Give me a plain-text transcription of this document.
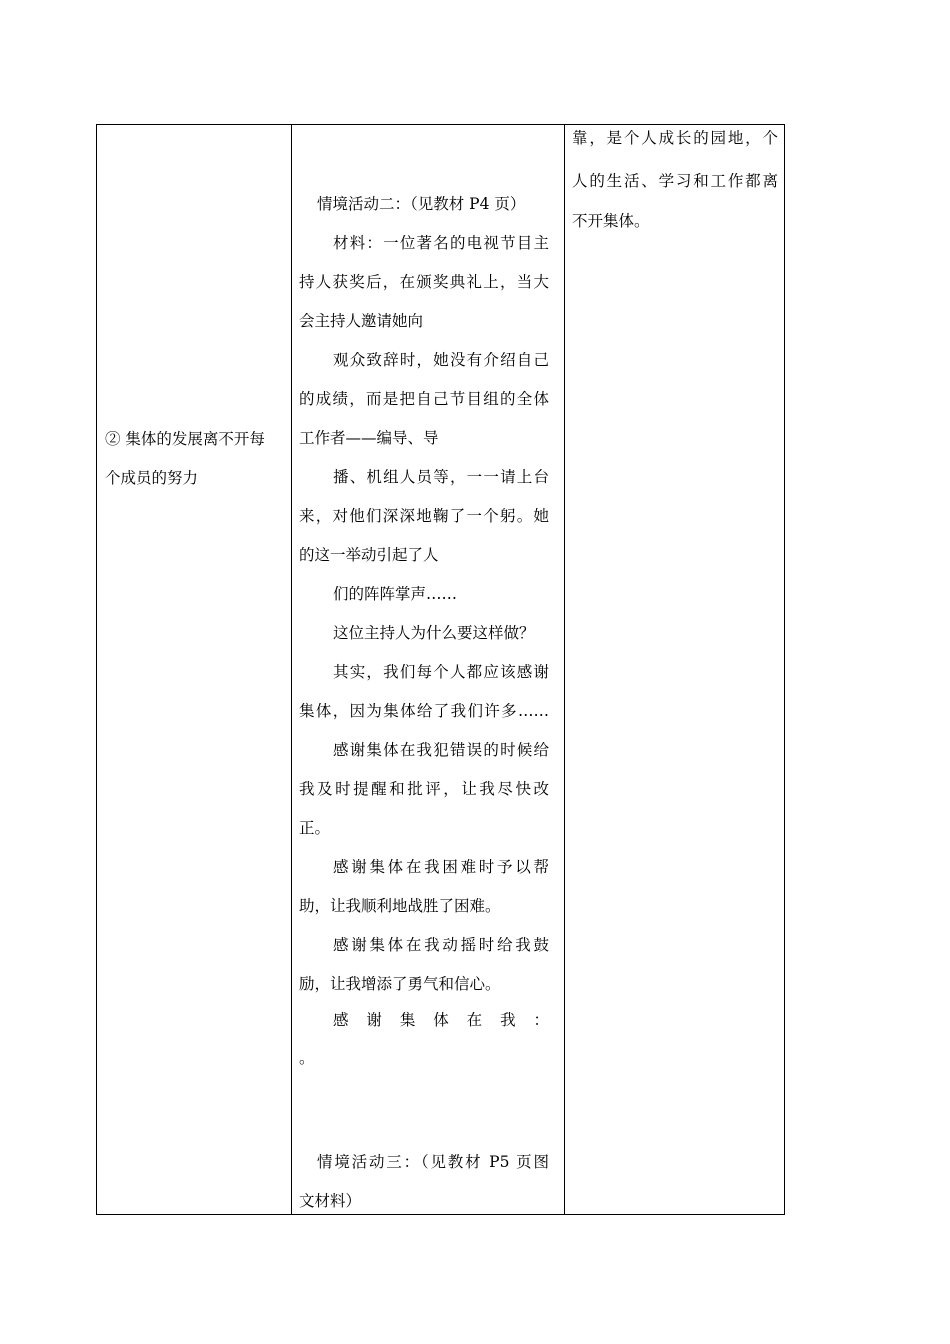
② 集体的发展离不开每
个成员的努力
情境活动二：（见教材 P4 页）
材料：一位著名的电视节目主
持人获奖后，在颁奖典礼上，当大
会主持人邀请她向
观众致辞时，她没有介绍自己
的成绩，而是把自己节目组的全体
工作者——编导、导
播、机组人员等，一一请上台
来，对他们深深地鞠了一个躬。她
的这一举动引起了人
们的阵阵掌声……
这位主持人为什么要这样做？
其实，我们每个人都应该感谢
集体，因为集体给了我们许多……
感谢集体在我犯错误的时候给
我及时提醒和批评，让我尽快改
正。
感谢集体在我困难时予以帮
助，让我顺利地战胜了困难。
感谢集体在我动摇时给我鼓
励，让我增添了勇气和信心。
感　谢　集　体　在　我　：
。
情境活动三：（见教材 P5 页图
文材料）
靠，是个人成长的园地，个
人的生活、学习和工作都离
不开集体。
